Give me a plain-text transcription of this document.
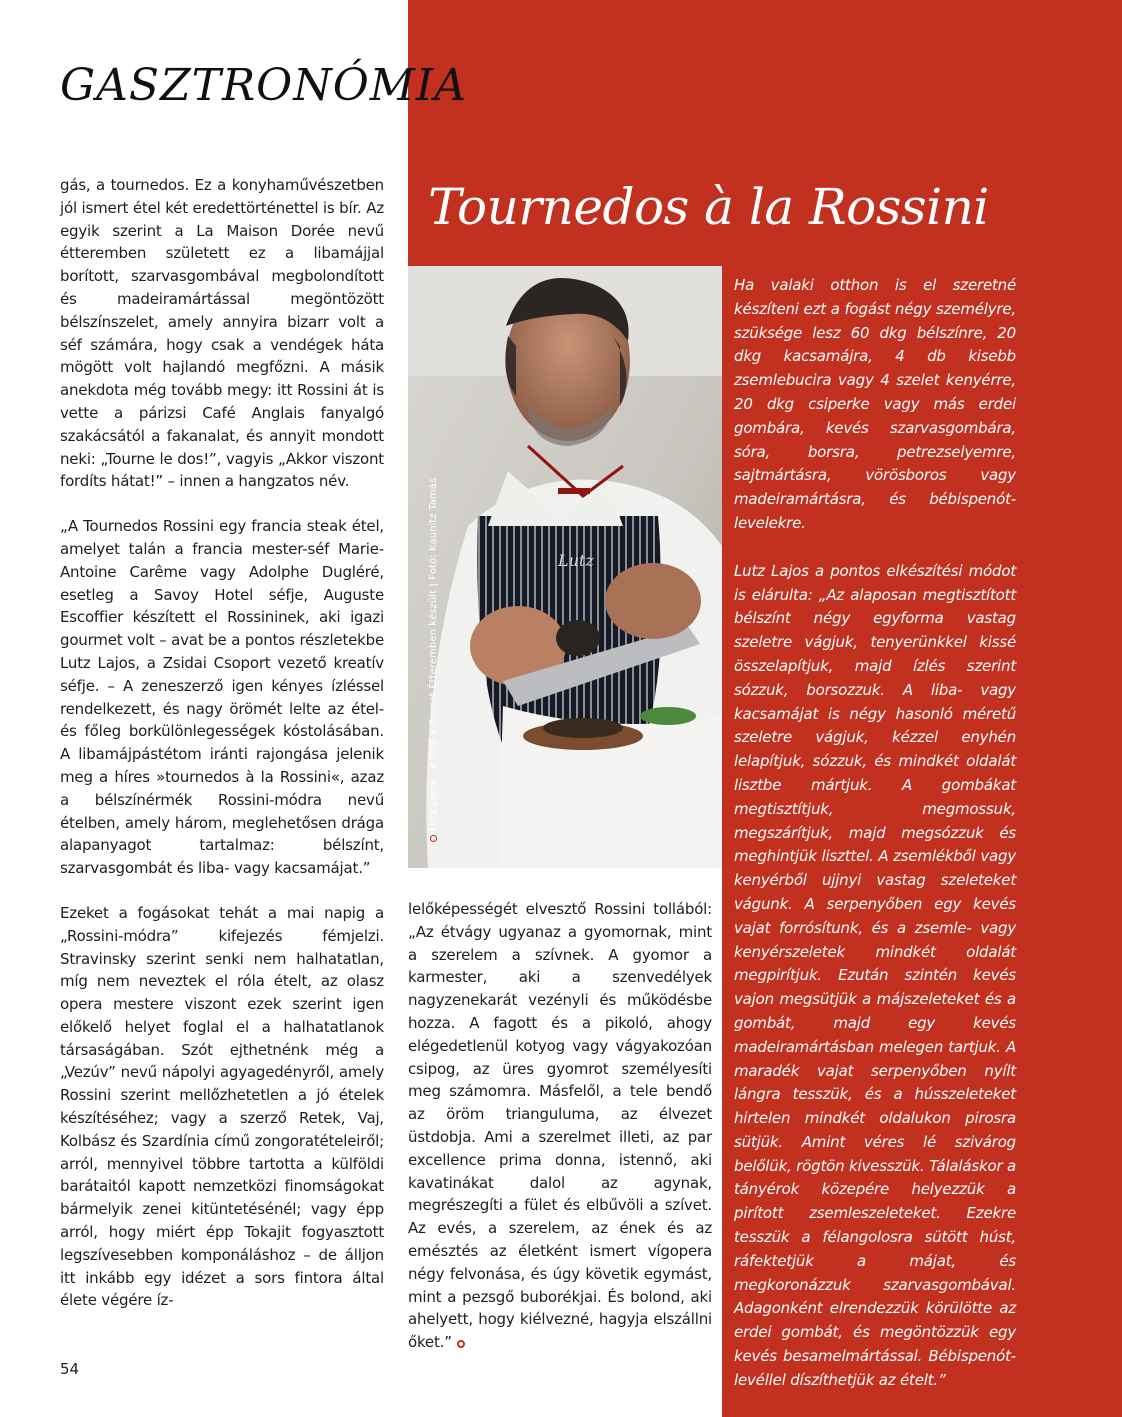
GASZTRONÓMIA
Tournedos à la Rossini

gás, a tournedos. Ez a konyhaművészetben jól ismert étel két eredettörténettel is bír. Az egyik szerint a La Maison Dorée nevű étteremben született ez a libamájjal borított, szarvasgombával megbolondított és madeiramártással megöntözött bélszínszelet, amely annyira bizarr volt a séf számára, hogy csak a vendégek háta mögött volt hajlandó megfőzni. A másik anekdota még tovább megy: itt Rossini át is vette a párizsi Café Anglais fanyalgó szakácsától a fakanalat, és annyit mondott neki: „Tourne le dos!”, vagyis „Akkor viszont fordíts hátat!” – innen a hangzatos név.

„A Tournedos Rossini egy francia steak étel, amelyet talán a francia mester-séf Marie-Antoine Carême vagy Adolphe Dugléré, esetleg a Savoy Hotel séfje, Auguste Escoffier készített el Rossininek, aki igazi gourmet volt – avat be a pontos részletekbe Lutz Lajos, a Zsidai Csoport vezető kreatív séfje. – A zeneszerző igen kényes ízléssel rendelkezett, és nagy örömét lelte az étel- és főleg borkülönlegességek kóstolásában. A libamájpástétom iránti rajongása jelenik meg a híres »tournedos à la Rossini«, azaz a bélszínérmék Rossini-módra nevű ételben, amely három, meglehetősen drága alapanyagot tartalmaz: bélszínt, szarvasgombát és liba- vagy kacsamájat.”

Ezeket a fogásokat tehát a mai napig a „Rossini-módra” kifejezés fémjelzi. Stravinsky szerint senki nem halhatatlan, míg nem neveztek el róla ételt, az olasz opera mestere viszont ezek szerint igen előkelő helyet foglal el a halhatatlanok társaságában. Szót ejthetnénk még a „Vezúv” nevű nápolyi agyagedényről, amely Rossini szerint mellőzhetetlen a jó ételek készítéséhez; vagy a szerző Retek, Vaj, Kolbász és Szardínia című zongoratételeiről; arról, mennyivel többre tartotta a külföldi barátaitól kapott nemzetközi finomságokat bármelyik zenei kitüntetésénél; vagy épp arról, hogy miért épp Tokajit fogyasztott legszívesebben komponáláshoz – de álljon itt inkább egy idézet a sors fintora által élete végére íz-

Lutz
Lutz Lajos – A fotó a Pierrot Étteremben készült | Fotó: Kaunitz Tamás

lelőképességét elvesztő Rossini tollából: „Az étvágy ugyanaz a gyomornak, mint a szerelem a szívnek. A gyomor a karmester, aki a szenvedélyek nagyzenekarát vezényli és működésbe hozza. A fagott és a pikoló, ahogy elégedetlenül kotyog vagy vágyakozóan csipog, az üres gyomrot személyesíti meg számomra. Másfelől, a tele bendő az öröm trianguluma, az élvezet üstdobja. Ami a szerelmet illeti, az par excellence prima donna, istennő, aki kavatinákat dalol az agynak, megrészegíti a fület és elbűvöli a szívet. Az evés, a szerelem, az ének és az emésztés az életként ismert vígopera négy felvonása, és úgy követik egymást, mint a pezsgő buborékjai. És bolond, aki ahelyett, hogy kiélvezné, hagyja elszállni őket.”

Ha valaki otthon is el szeretné készíteni ezt a fogást négy személyre, szüksége lesz 60 dkg bélszínre, 20 dkg kacsamájra, 4 db kisebb zsemlebucira vagy 4 szelet kenyérre, 20 dkg csiperke vagy más erdei gombára, kevés szarvasgombára, sóra, borsra, petrezselyemre, sajtmártásra, vörösboros vagy madeiramártásra, és bébispenót-levelekre.

Lutz Lajos a pontos elkészítési módot is elárulta: „Az alaposan megtisztított bélszínt négy egyforma vastag szeletre vágjuk, tenyerünkkel kissé összelapítjuk, majd ízlés szerint sózzuk, borsozzuk. A liba- vagy kacsamájat is négy hasonló méretű szeletre vágjuk, kézzel enyhén lelapítjuk, sózzuk, és mindkét oldalát lisztbe mártjuk. A gombákat megtisztítjuk, megmossuk, megszárítjuk, majd megsózzuk és meghintjük liszttel. A zsemlékből vagy kenyérből ujjnyi vastag szeleteket vágunk. A serpenyőben egy kevés vajat forrósítunk, és a zsemle- vagy kenyérszeletek mindkét oldalát megpirítjuk. Ezután szintén kevés vajon megsütjük a májszeleteket és a gombát, majd egy kevés madeiramártásban melegen tartjuk. A maradék vajat serpenyőben nyílt lángra tesszük, és a hússzeleteket hirtelen mindkét oldalukon pirosra sütjük. Amint véres lé szivárog belőlük, rögtön kivesszük. Tálaláskor a tányérok közepére helyezzük a pirított zsemleszeleteket. Ezekre tesszük a félangolosra sütött húst, ráfektetjük a májat, és megkoronázzuk szarvasgombával. Adagonként elrendezzük körülötte az erdei gombát, és megöntözzük egy kevés besamelmártással. Bébispenót-levéllel díszíthetjük az ételt.”

54
